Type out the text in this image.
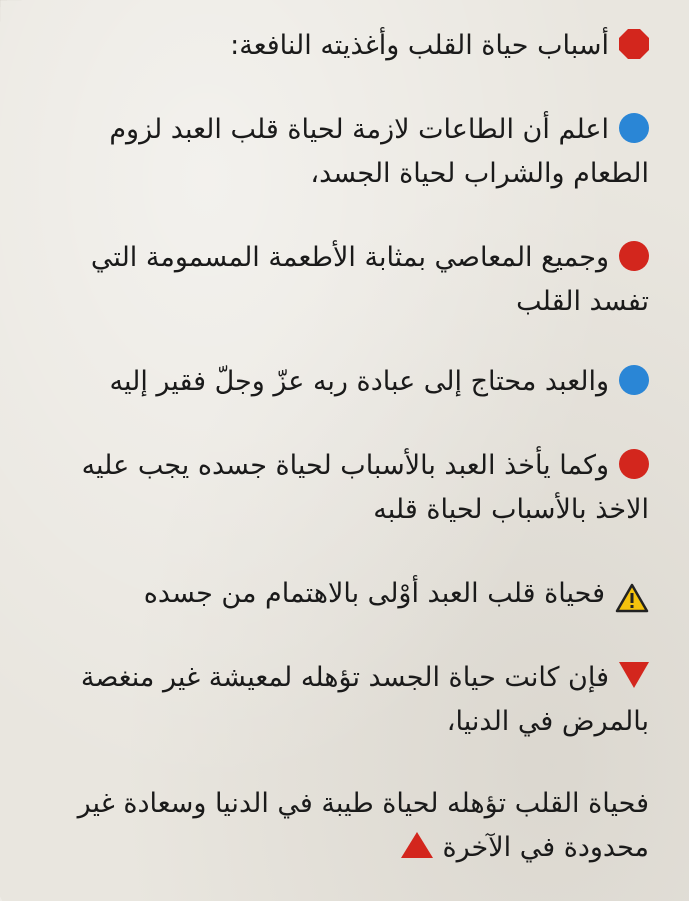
أسباب حياة القلب وأغذيته النافعة:
اعلم أن الطاعات لازمة لحياة قلب العبد لزوم الطعام والشراب لحياة الجسد،
وجميع المعاصي بمثابة الأطعمة المسمومة التي تفسد القلب
والعبد محتاج إلى عبادة ربه عزّ وجلّ فقير إليه
وكما يأخذ العبد بالأسباب لحياة جسده يجب عليه الاخذ بالأسباب لحياة قلبه
فحياة قلب العبد أوْلى بالاهتمام من جسده
فإن كانت حياة الجسد تؤهله لمعيشة غير منغصة بالمرض في الدنيا،
فحياة القلب تؤهله لحياة طيبة في الدنيا وسعادة غير محدودة في الآخرة
